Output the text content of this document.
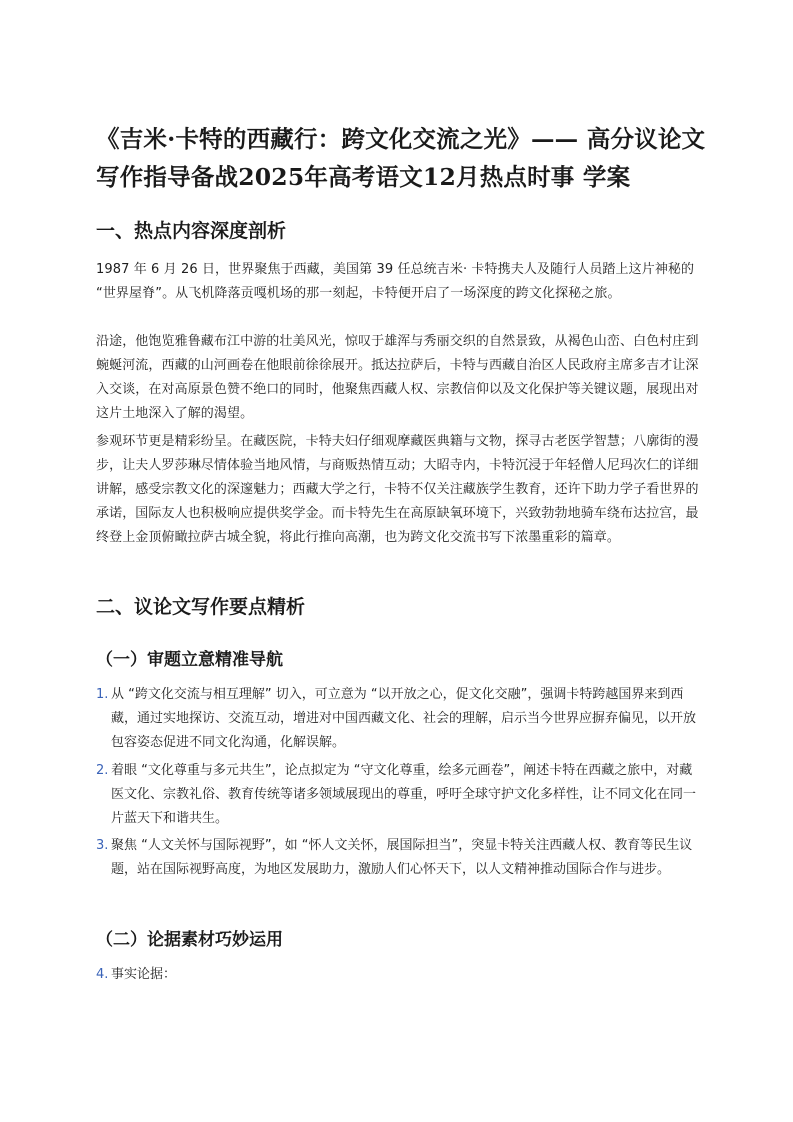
《吉米·卡特的西藏行：跨文化交流之光》—— 高分议论文写作指导备战2025年高考语文12月热点时事 学案
一、热点内容深度剖析

1987 年 6 月 26 日，世界聚焦于西藏，美国第 39 任总统吉米· 卡特携夫人及随行人员踏上这片神秘的 “世界屋脊”。从飞机降落贡嘎机场的那一刻起，卡特便开启了一场深度的跨文化探秘之旅。

沿途，他饱览雅鲁藏布江中游的壮美风光，惊叹于雄浑与秀丽交织的自然景致，从褐色山峦、白色村庄到蜿蜒河流，西藏的山河画卷在他眼前徐徐展开。抵达拉萨后，卡特与西藏自治区人民政府主席多吉才让深入交谈，在对高原景色赞不绝口的同时，他聚焦西藏人权、宗教信仰以及文化保护等关键议题，展现出对这片土地深入了解的渴望。

参观环节更是精彩纷呈。在藏医院，卡特夫妇仔细观摩藏医典籍与文物，探寻古老医学智慧；八廓街的漫步，让夫人罗莎琳尽情体验当地风情，与商贩热情互动；大昭寺内，卡特沉浸于年轻僧人尼玛次仁的详细讲解，感受宗教文化的深邃魅力；西藏大学之行，卡特不仅关注藏族学生教育，还许下助力学子看世界的承诺，国际友人也积极响应提供奖学金。而卡特先生在高原缺氧环境下，兴致勃勃地骑车绕布达拉宫，最终登上金顶俯瞰拉萨古城全貌，将此行推向高潮，也为跨文化交流书写下浓墨重彩的篇章。

二、议论文写作要点精析
（一）审题立意精准导航
1. 从 “跨文化交流与相互理解” 切入，可立意为 “以开放之心，促文化交融”，强调卡特跨越国界来到西藏，通过实地探访、交流互动，增进对中国西藏文化、社会的理解，启示当今世界应摒弃偏见，以开放包容姿态促进不同文化沟通，化解误解。
2. 着眼 “文化尊重与多元共生”，论点拟定为 “守文化尊重，绘多元画卷”，阐述卡特在西藏之旅中，对藏医文化、宗教礼俗、教育传统等诸多领域展现出的尊重，呼吁全球守护文化多样性，让不同文化在同一片蓝天下和谐共生。
3. 聚焦 “人文关怀与国际视野”，如 “怀人文关怀，展国际担当”，突显卡特关注西藏人权、教育等民生议题，站在国际视野高度，为地区发展助力，激励人们心怀天下，以人文精神推动国际合作与进步。
（二）论据素材巧妙运用
4. 事实论据：
